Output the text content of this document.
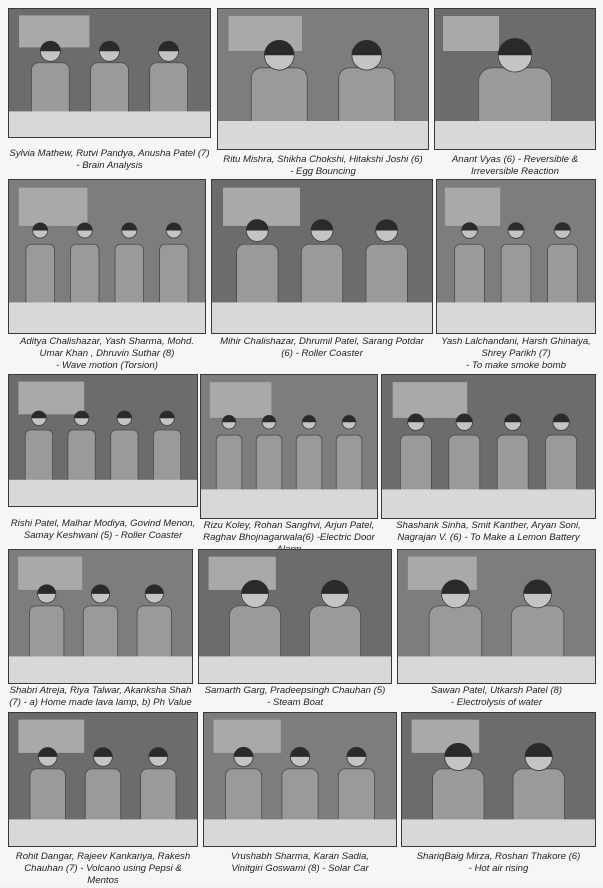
Sylvia Mathew, Rutvi Pandya, Anusha Patel (7)
- Brain Analysis
Ritu Mishra, Shikha Chokshi, Hitakshi Joshi (6)
- Egg Bouncing
Anant Vyas (6) - Reversible &
Irreversible Reaction
Aditya Chalishazar, Yash Sharma, Mohd.
Umar Khan , Dhruvin Suthar (8)
- Wave motion (Torsion)
Mihir Chalishazar, Dhrumil Patel, Sarang Potdar
(6) - Roller Coaster
Yash Lalchandani, Harsh Ghinaiya,
Shrey Parikh (7)
- To make smoke bomb
Rishi Patel, Malhar Modiya, Govind Menon,
Samay Keshwani (5) - Roller Coaster
Rizu Koley, Rohan Sanghvi, Arjun Patel,
Raghav Bhojnagarwala(6) -Electric Door
Shashank Sinha, Smit Kanther, Aryan Soni,
Nagrajan V. (6) - To Make a Lemon Battery
Shabri Atreja, Riya Talwar, Akanksha Shah
(7) - a) Home made lava lamp, b) Ph Value
Samarth Garg, Pradeepsingh Chauhan (5)
- Steam Boat
Sawan Patel, Utkarsh Patel (8)
- Electrolysis of water
Rohit Dangar, Rajeev Kankariya, Rakesh
Chauhan (7) - Volcano using Pepsi & Mentos
Vrushabh Sharma, Karan Sadia,
Vinitgiri Goswami (8) - Solar Car
ShariqBaig Mirza, Roshan Thakore (6)
- Hot air rising
